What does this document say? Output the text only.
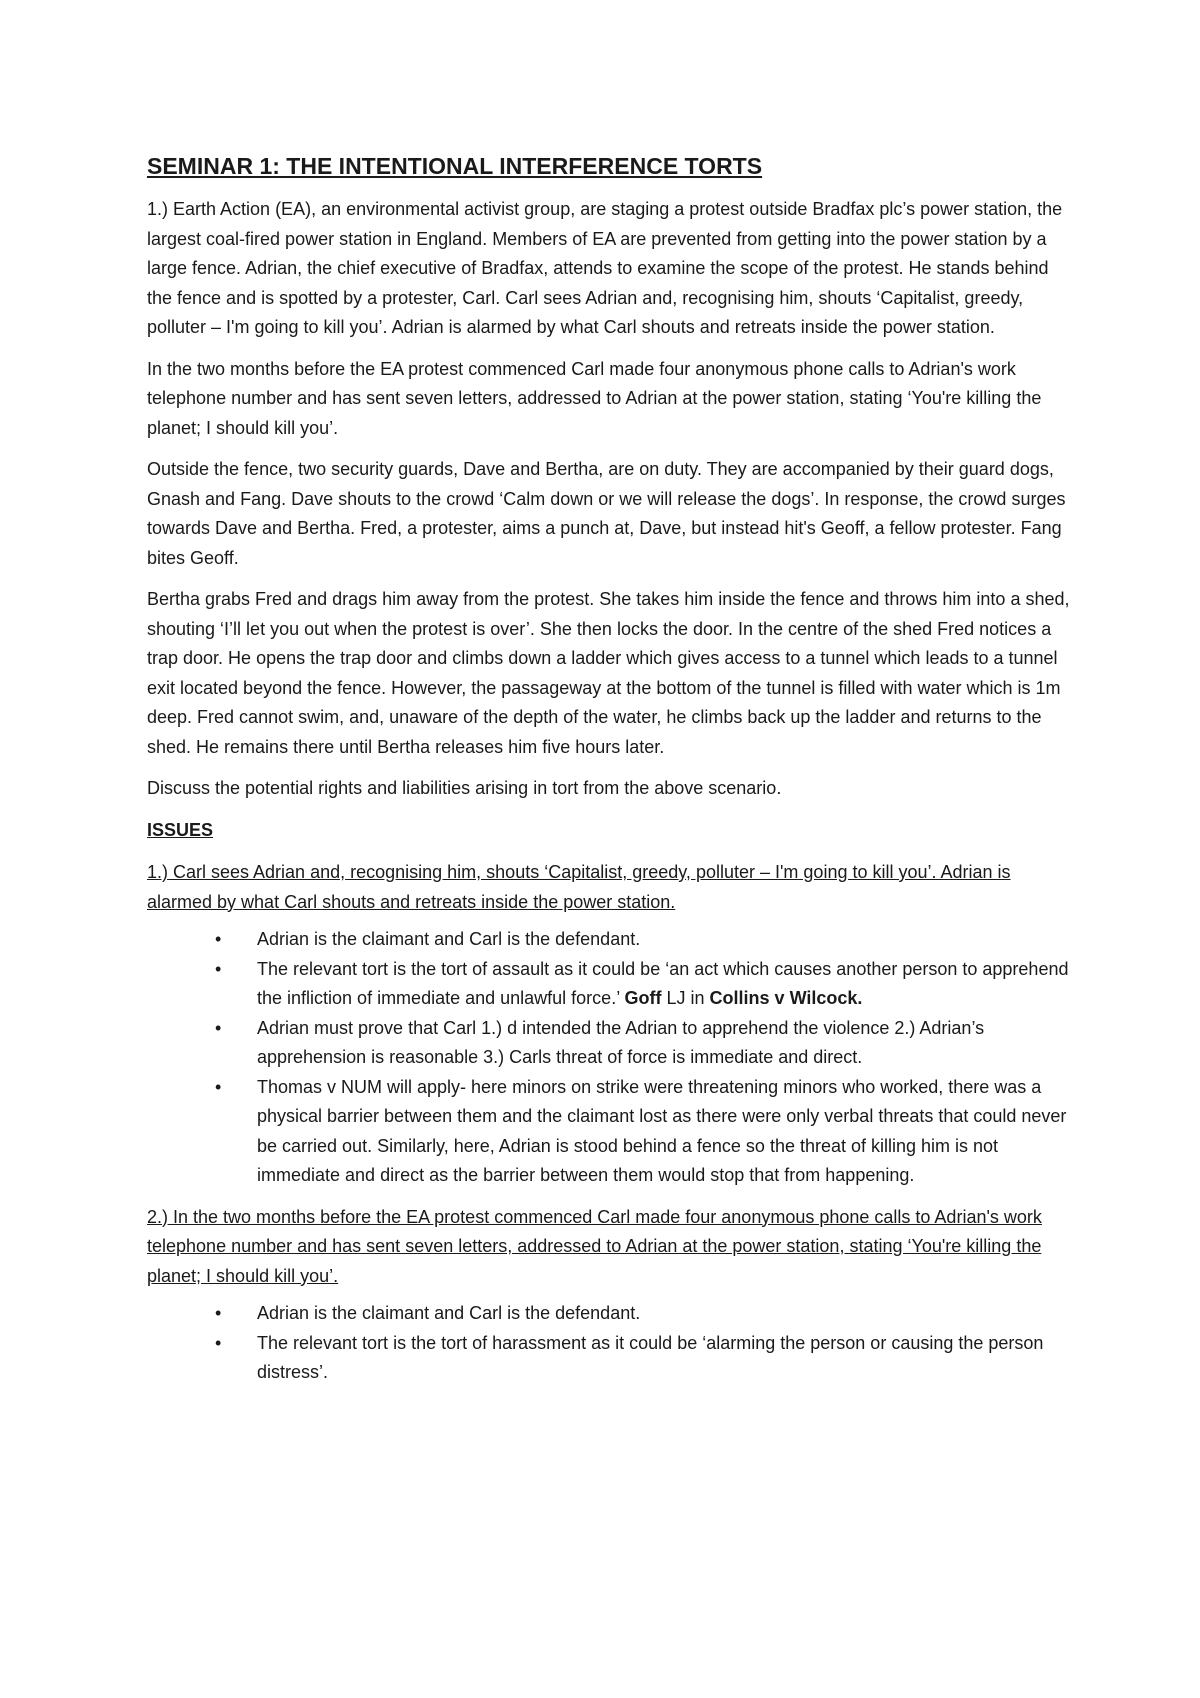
SEMINAR 1: THE INTENTIONAL INTERFERENCE TORTS

1.) Earth Action (EA), an environmental activist group, are staging a protest outside Bradfax plc’s power station, the largest coal-fired power station in England. Members of EA are prevented from getting into the power station by a large fence. Adrian, the chief executive of Bradfax, attends to examine the scope of the protest. He stands behind the fence and is spotted by a protester, Carl. Carl sees Adrian and, recognising him, shouts ‘Capitalist, greedy, polluter – I'm going to kill you’. Adrian is alarmed by what Carl shouts and retreats inside the power station.

In the two months before the EA protest commenced Carl made four anonymous phone calls to Adrian's work telephone number and has sent seven letters, addressed to Adrian at the power station, stating ‘You're killing the planet; I should kill you’.

Outside the fence, two security guards, Dave and Bertha, are on duty. They are accompanied by their guard dogs, Gnash and Fang. Dave shouts to the crowd ‘Calm down or we will release the dogs’. In response, the crowd surges towards Dave and Bertha. Fred, a protester, aims a punch at, Dave, but instead hit's Geoff, a fellow protester. Fang bites Geoff.

Bertha grabs Fred and drags him away from the protest. She takes him inside the fence and throws him into a shed, shouting ‘I’ll let you out when the protest is over’. She then locks the door. In the centre of the shed Fred notices a trap door. He opens the trap door and climbs down a ladder which gives access to a tunnel which leads to a tunnel exit located beyond the fence. However, the passageway at the bottom of the tunnel is filled with water which is 1m deep. Fred cannot swim, and, unaware of the depth of the water, he climbs back up the ladder and returns to the shed. He remains there until Bertha releases him five hours later.

Discuss the potential rights and liabilities arising in tort from the above scenario.

ISSUES
1.) Carl sees Adrian and, recognising him, shouts ‘Capitalist, greedy, polluter – I'm going to kill you’. Adrian is alarmed by what Carl shouts and retreats inside the power station.
• Adrian is the claimant and Carl is the defendant.
• The relevant tort is the tort of assault as it could be ‘an act which causes another person to apprehend the infliction of immediate and unlawful force.’ Goff LJ in Collins v Wilcock.
• Adrian must prove that Carl 1.) d intended the Adrian to apprehend the violence 2.) Adrian’s apprehension is reasonable 3.) Carls threat of force is immediate and direct.
• Thomas v NUM will apply- here minors on strike were threatening minors who worked, there was a physical barrier between them and the claimant lost as there were only verbal threats that could never be carried out. Similarly, here, Adrian is stood behind a fence so the threat of killing him is not immediate and direct as the barrier between them would stop that from happening.
2.) In the two months before the EA protest commenced Carl made four anonymous phone calls to Adrian's work telephone number and has sent seven letters, addressed to Adrian at the power station, stating ‘You're killing the planet; I should kill you’.
• Adrian is the claimant and Carl is the defendant.
• The relevant tort is the tort of harassment as it could be ‘alarming the person or causing the person distress’.
